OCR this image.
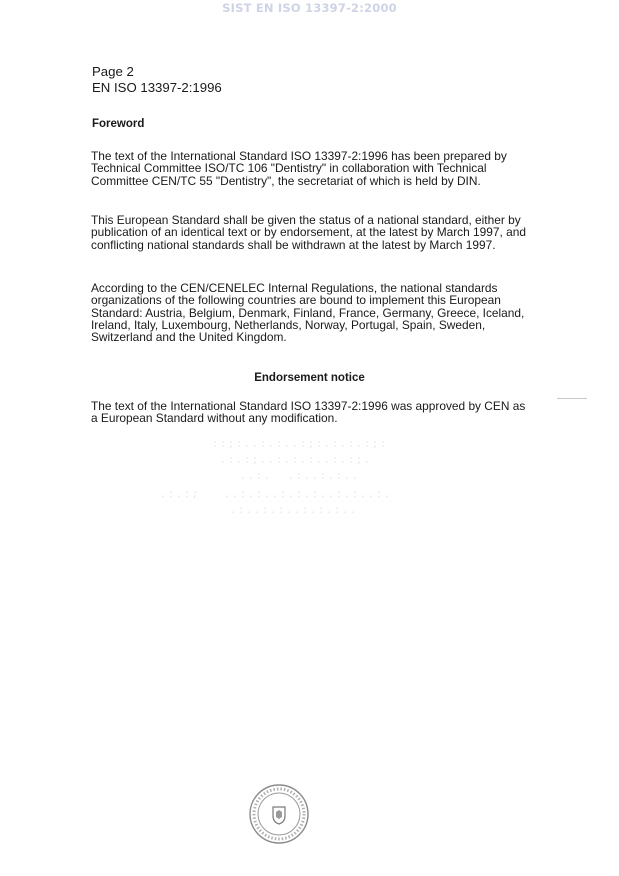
SIST EN ISO 13397-2:2000
Page 2
EN ISO 13397-2:1996
Foreword

The text of the International Standard ISO 13397-2:1996 has been prepared by Technical Committee ISO/TC 106 "Dentistry" in collaboration with Technical Committee CEN/TC 55 "Dentistry", the secretariat of which is held by DIN.

This European Standard shall be given the status of a national standard, either by publication of an identical text or by endorsement, at the latest by March 1997, and conflicting national standards shall be withdrawn at the latest by March 1997.

According to the CEN/CENELEC Internal Regulations, the national standards organizations of the following countries are bound to implement this European Standard: Austria, Belgium, Denmark, Finland, France, Germany, Greece, Iceland, Ireland, Italy, Luxembourg, Netherlands, Norway, Portugal, Spain, Sweden, Switzerland and the United Kingdom.

Endorsement notice

The text of the International Standard ISO 13397-2:1996 was approved by CEN as a European Standard without any modification.

::;:..:.:..:;:.:.:.:;:
.:.:;..:.:.:..:.:;.
..:.  .:..:.:..
.:.:;   ..:.:..:.:.:..:.:..:.
.:..:.:..:.:.:..
